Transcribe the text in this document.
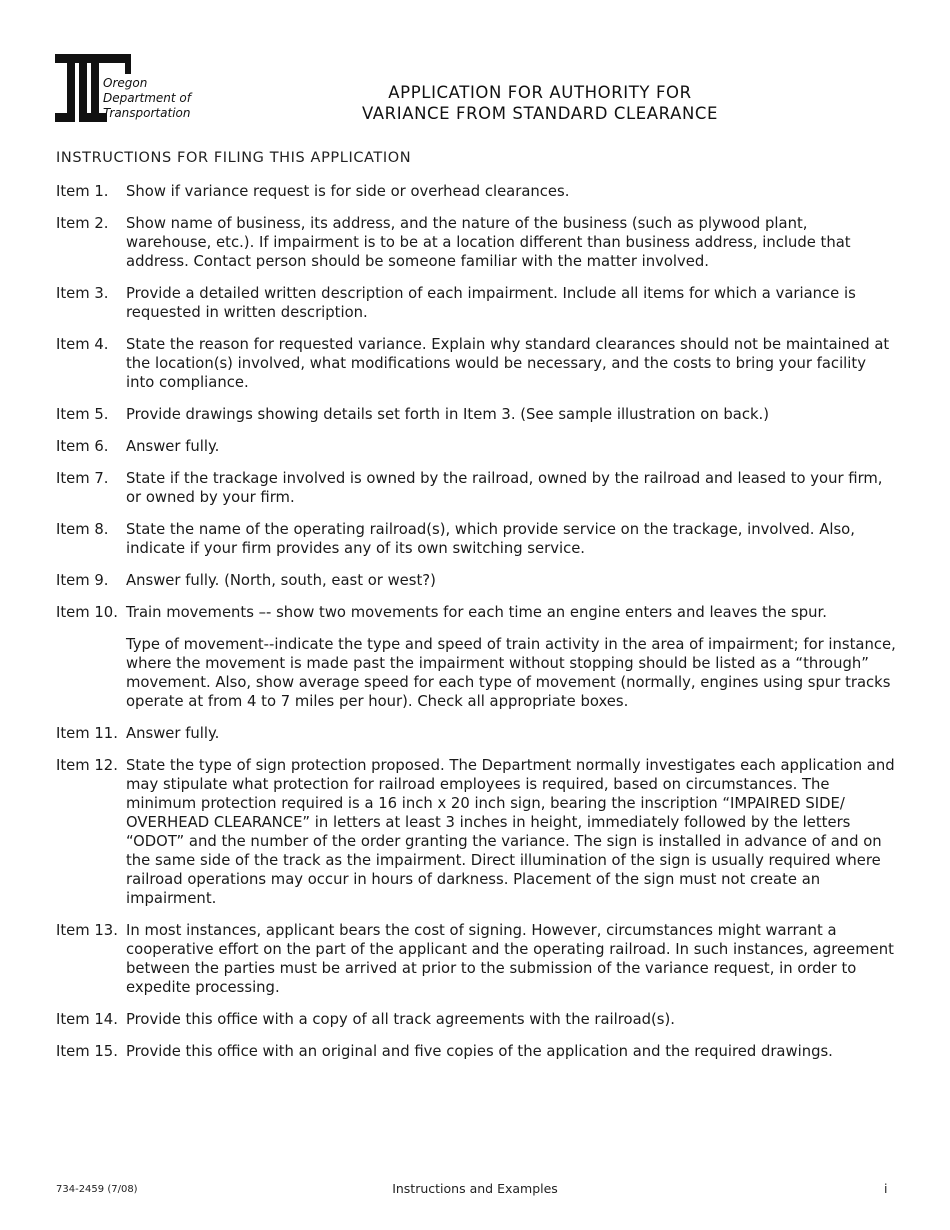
Oregon
Department of
Transportation
APPLICATION FOR AUTHORITY FOR
VARIANCE FROM STANDARD CLEARANCE
INSTRUCTIONS FOR FILING THIS APPLICATION
Item 1.	Show if variance request is for side or overhead clearances.
Item 2.	Show name of business, its address, and the nature of the business (such as plywood plant, warehouse, etc.). If impairment is to be at a location different than business address, include that address. Contact person should be someone familiar with the matter involved.
Item 3.	Provide a detailed written description of each impairment. Include all items for which a variance is requested in written description.
Item 4.	State the reason for requested variance. Explain why standard clearances should not be maintained at the location(s) involved, what modifications would be necessary, and the costs to bring your facility into compliance.
Item 5.	Provide drawings showing details set forth in Item 3. (See sample illustration on back.)
Item 6.	Answer fully.
Item 7.	State if the trackage involved is owned by the railroad, owned by the railroad and leased to your firm, or owned by your firm.
Item 8.	State the name of the operating railroad(s), which provide service on the trackage, involved. Also, indicate if your firm provides any of its own switching service.
Item 9.	Answer fully. (North, south, east or west?)
Item 10. Train movements –- show two movements for each time an engine enters and leaves the spur.
Type of movement--indicate the type and speed of train activity in the area of impairment; for instance, where the movement is made past the impairment without stopping should be listed as a “through” movement. Also, show average speed for each type of movement (normally, engines using spur tracks operate at from 4 to 7 miles per hour). Check all appropriate boxes.
Item 11. Answer fully.
Item 12. State the type of sign protection proposed. The Department normally investigates each application and may stipulate what protection for railroad employees is required, based on circumstances. The minimum protection required is a 16 inch x 20 inch sign, bearing the inscription “IMPAIRED SIDE/ OVERHEAD CLEARANCE” in letters at least 3 inches in height, immediately followed by the letters “ODOT” and the number of the order granting the variance. The sign is installed in advance of and on the same side of the track as the impairment. Direct illumination of the sign is usually required where railroad operations may occur in hours of darkness. Placement of the sign must not create an impairment.
Item 13. In most instances, applicant bears the cost of signing. However, circumstances might warrant a cooperative effort on the part of the applicant and the operating railroad. In such instances, agreement between the parties must be arrived at prior to the submission of the variance request, in order to expedite processing.
Item 14. Provide this office with a copy of all track agreements with the railroad(s).
Item 15. Provide this office with an original and five copies of the application and the required drawings.
734-2459 (7/08)	Instructions and Examples	i
